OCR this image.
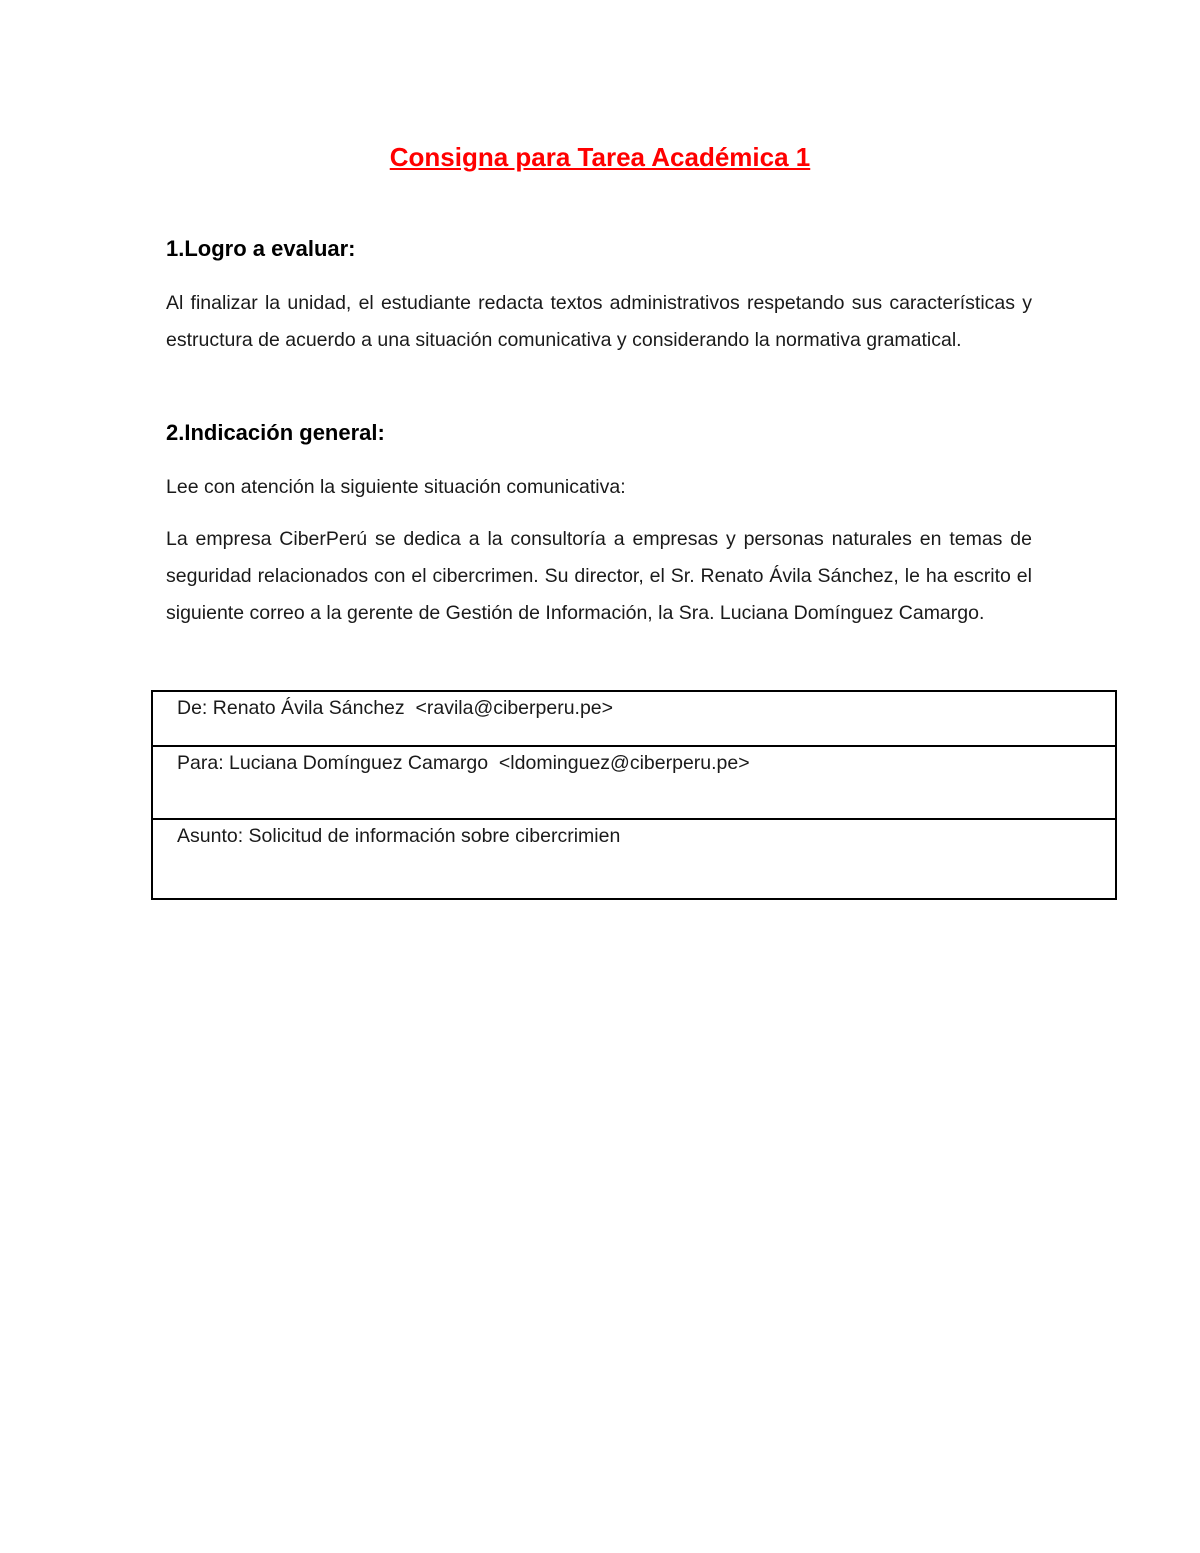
Consigna para Tarea Académica 1
1.Logro a evaluar:

Al finalizar la unidad, el estudiante redacta textos administrativos respetando sus características y estructura de acuerdo a una situación comunicativa y considerando la normativa gramatical.

2.Indicación general:

Lee con atención la siguiente situación comunicativa:

La empresa CiberPerú se dedica a la consultoría a empresas y personas naturales en temas de seguridad relacionados con el cibercrimen. Su director, el Sr. Renato Ávila Sánchez, le ha escrito el siguiente correo a la gerente de Gestión de Información, la Sra. Luciana Domínguez Camargo.

De: Renato Ávila Sánchez  <ravila@ciberperu.pe>
Para: Luciana Domínguez Camargo  <ldominguez@ciberperu.pe>
Asunto: Solicitud de información sobre cibercrimien
